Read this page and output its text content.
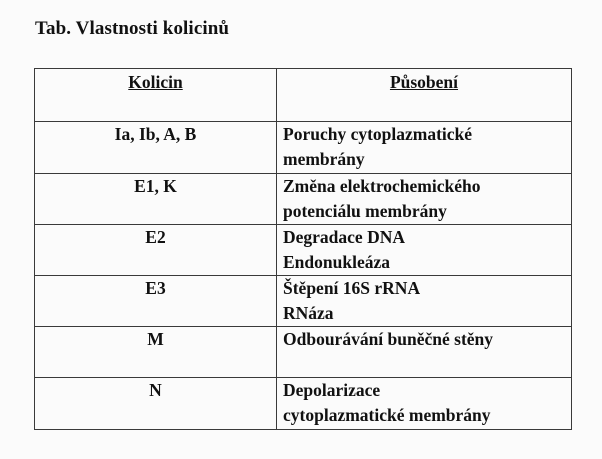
Tab. Vlastnosti kolicinů
Kolicin	Působení
Ia, Ib, A, B	Poruchy cytoplazmatické
membrány

E1, K	Změna elektrochemického
potenciálu membrány

E2	Degradace DNA
Endonukleáza

E3	Štěpení 16S rRNA
RNáza

M	Odbourávání buněčné stěny

N	Depolarizace
cytoplazmatické membrány
